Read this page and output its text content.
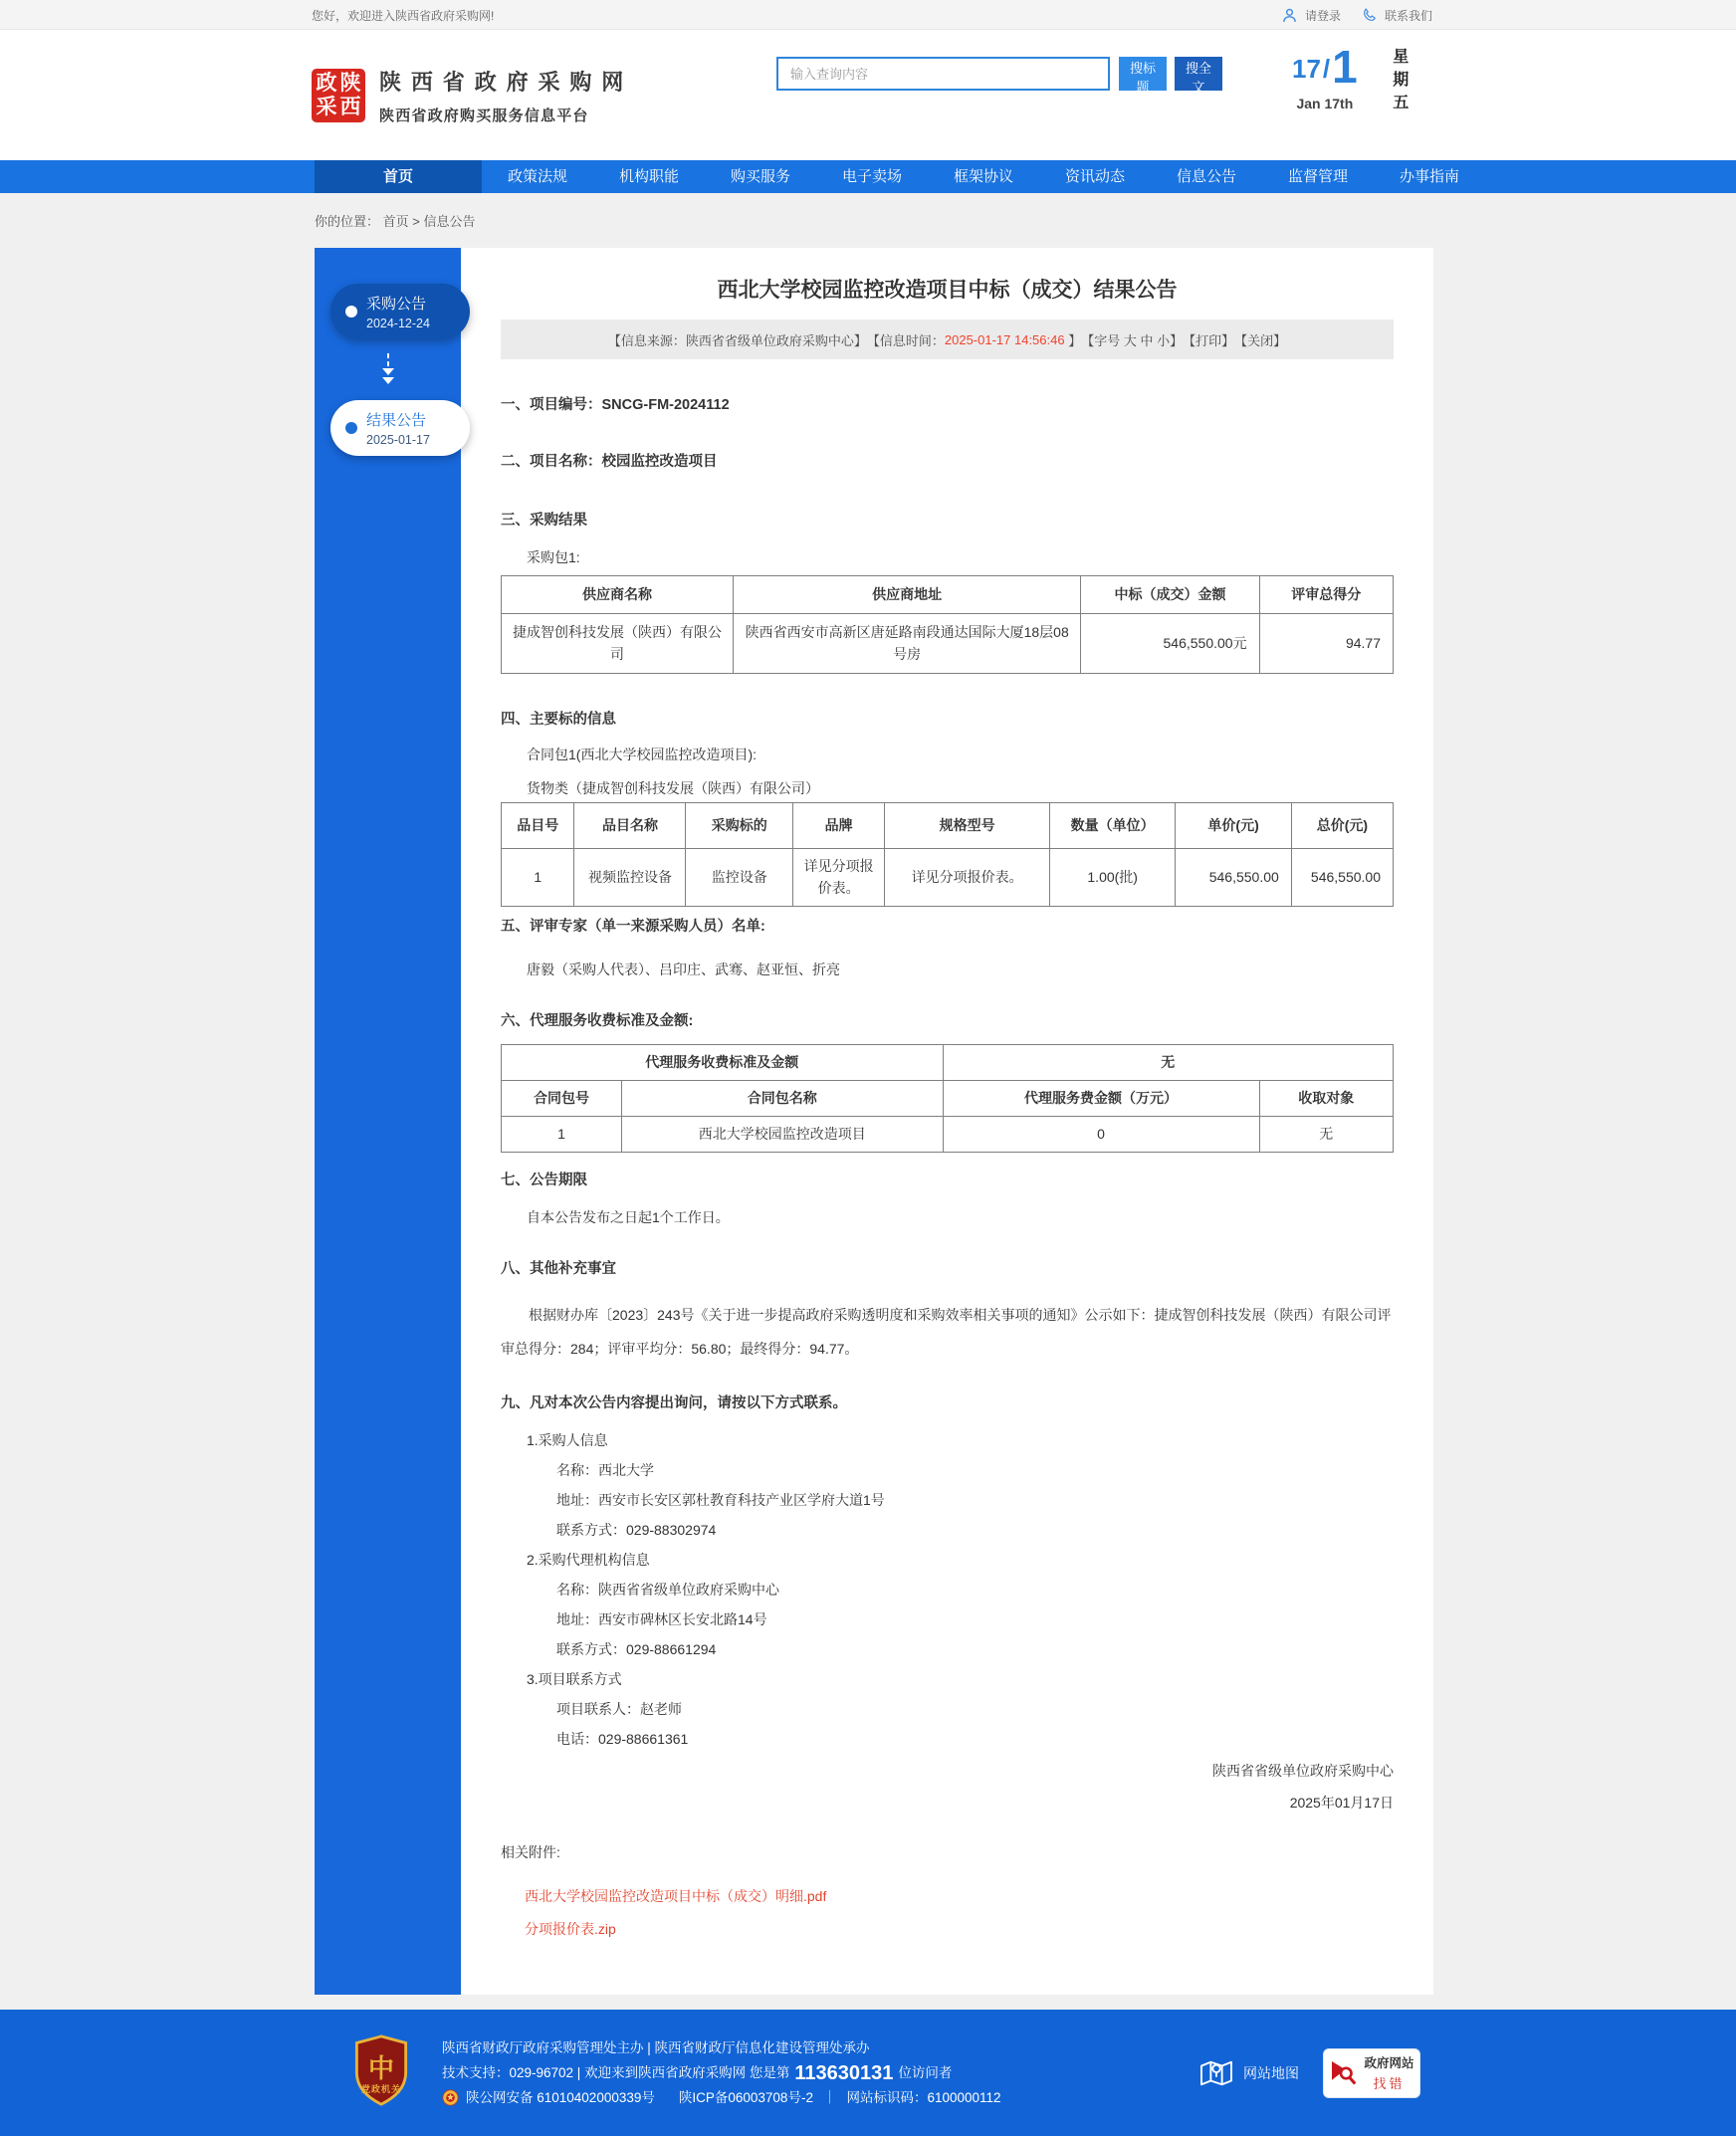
您好，欢迎进入陕西省政府采购网!	请登录	联系我们
政 陕
采 西
陕西省政府采购网
陕西省政府购买服务信息平台
输入查询内容
搜标题
搜全文
17 / 1
Jan 17th 星期五
首页	政策法规	机构职能	购买服务	电子卖场	框架协议	资讯动态	信息公告	监督管理	办事指南
你的位置： 首页 > 信息公告
采购公告
2024-12-24
结果公告
2025-01-17
西北大学校园监控改造项目中标（成交）结果公告
【信息来源：陕西省省级单位政府采购中心】 【信息时间： 2025-01-17 14:56:46 】 【字号 大 中 小 】 【打印】 【关闭】

一、项目编号：SNCG-FM-2024112

二、项目名称：校园监控改造项目

三、采购结果

采购包1:

供应商名称	供应商地址	中标（成交）金额	评审总得分
捷成智创科技发展（陕西）有限公司	陕西省西安市高新区唐延路南段通达国际大厦18层08号房	546,550.00元	94.77

四、主要标的信息

合同包1(西北大学校园监控改造项目):

货物类（捷成智创科技发展（陕西）有限公司）

品目号	品目名称	采购标的	品牌	规格型号	数量（单位）	单价(元)	总价(元)
1	视频监控设备	监控设备	详见分项报价表。	详见分项报价表。	1.00(批)	546,550.00	546,550.00

五、评审专家（单一来源采购人员）名单:

唐毅（采购人代表）、吕印庄、武骞、赵亚恒、折亮

六、代理服务收费标准及金额:

代理服务收费标准及金额		无	
合同包号	合同包名称	代理服务费金额（万元）	收取对象
1	西北大学校园监控改造项目	0	无

七、公告期限

自本公告发布之日起1个工作日。

八、其他补充事宜

根据财办库〔2023〕243号《关于进一步提高政府采购透明度和采购效率相关事项的通知》公示如下：捷成智创科技发展（陕西）有限公司评审总得分：284；评审平均分：56.80；最终得分：94.77。

九、凡对本次公告内容提出询问，请按以下方式联系。

1.采购人信息

名称：西北大学

地址：西安市长安区郭杜教育科技产业区学府大道1号

联系方式：029-88302974

2.采购代理机构信息

名称：陕西省省级单位政府采购中心

地址：西安市碑林区长安北路14号

联系方式：029-88661294

3.项目联系方式

项目联系人：赵老师

电话：029-88661361

陕西省省级单位政府采购中心
2025年01月17日

相关附件:

西北大学校园监控改造项目中标（成交）明细.pdf
分项报价表.zip
中
党政机关
陕西省财政厅政府采购管理处主办 | 陕西省财政厅信息化建设管理处承办
技术支持：029-96702 | 欢迎来到陕西省政府采购网 您是第 113630131 位访问者
陕公网安备 61010402000339号 陕ICP备06003708号-2 ｜ 网站标识码：6100000112
网站地图
政府网站
找错
